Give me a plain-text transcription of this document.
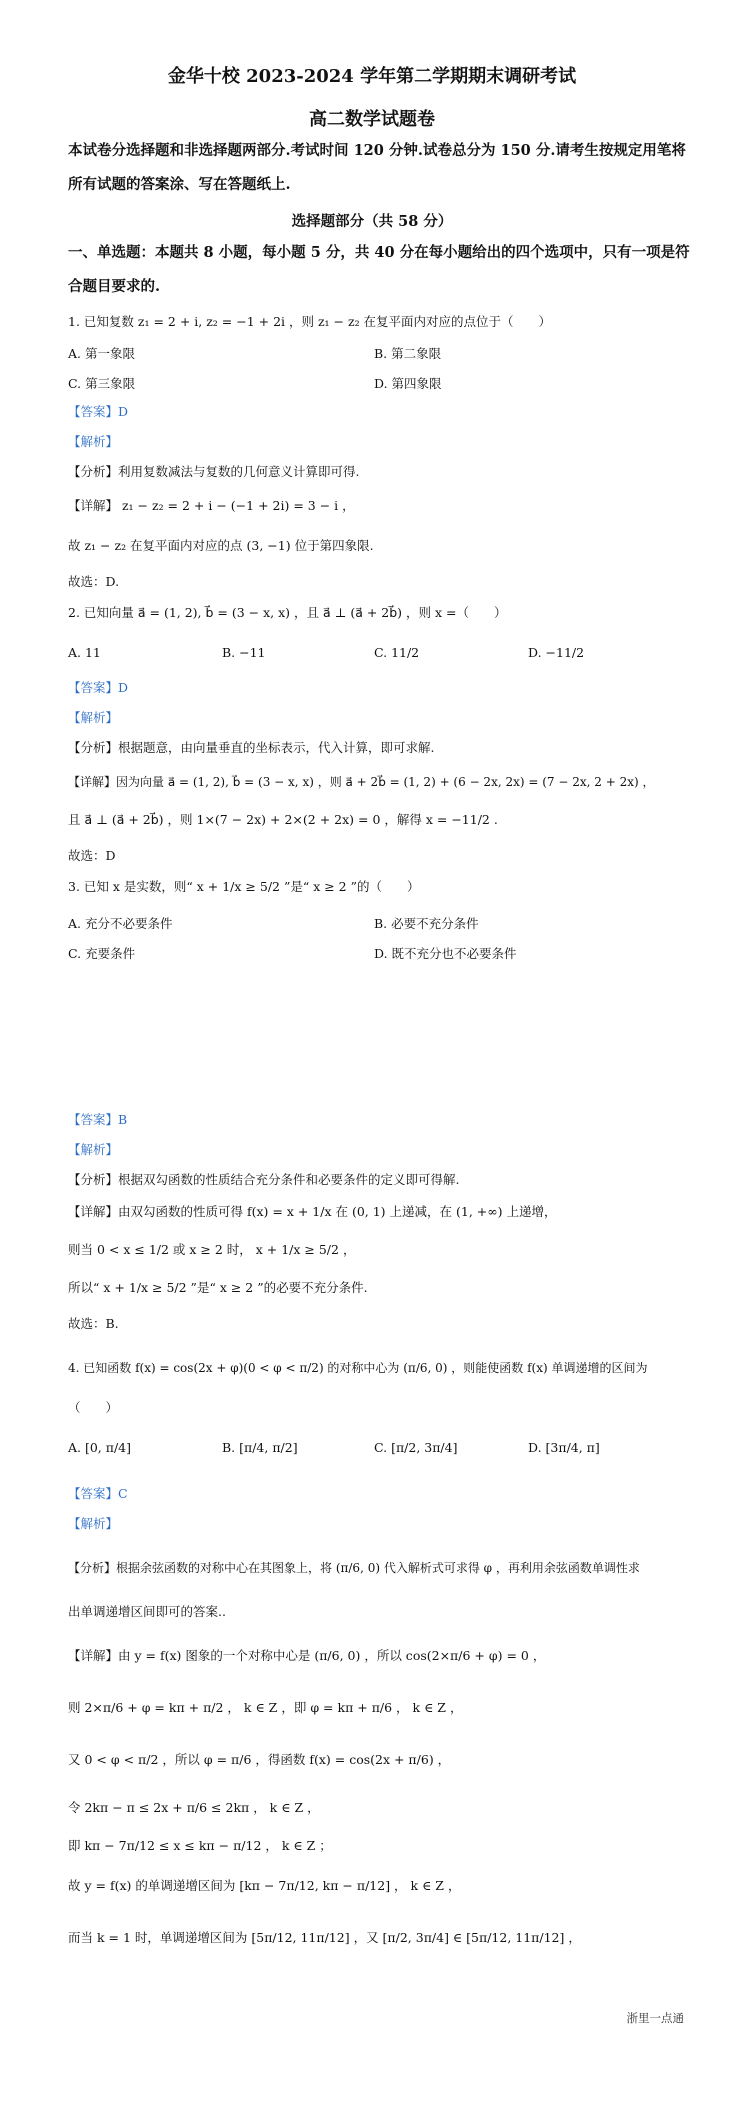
金华十校 2023-2024 学年第二学期期末调研考试
高二数学试题卷
本试卷分选择题和非选择题两部分.考试时间 120 分钟.试卷总分为 150 分.请考生按规定用笔将
所有试题的答案涂、写在答题纸上.
选择题部分（共 58 分）
一、单选题：本题共 8 小题，每小题 5 分，共 40 分在每小题给出的四个选项中，只有一项是符
合题目要求的.
1. 已知复数 z₁ = 2 + i, z₂ = −1 + 2i ，则 z₁ − z₂ 在复平面内对应的点位于（　　）
A. 第一象限	B. 第二象限
C. 第三象限	D. 第四象限
【答案】D
【解析】
【分析】利用复数减法与复数的几何意义计算即可得.
【详解】 z₁ − z₂ = 2 + i − (−1 + 2i) = 3 − i ，
故 z₁ − z₂ 在复平面内对应的点 (3, −1) 位于第四象限.
故选：D.
2. 已知向量 a⃗ = (1, 2), b⃗ = (3 − x, x) ，且 a⃗ ⊥ (a⃗ + 2b⃗) ，则 x =（　　）
A. 11	B. −11	C. 11/2	D. −11/2
【答案】D
【解析】
【分析】根据题意，由向量垂直的坐标表示，代入计算，即可求解.
【详解】因为向量 a⃗ = (1, 2), b⃗ = (3 − x, x) ，则 a⃗ + 2b⃗ = (1, 2) + (6 − 2x, 2x) = (7 − 2x, 2 + 2x) ，
且 a⃗ ⊥ (a⃗ + 2b⃗) ，则 1×(7 − 2x) + 2×(2 + 2x) = 0 ，解得 x = −11/2 .
故选：D
3. 已知 x 是实数，则“ x + 1/x ≥ 5/2 ”是“ x ≥ 2 ”的（　　）
A. 充分不必要条件	B. 必要不充分条件
C. 充要条件	D. 既不充分也不必要条件
【答案】B
【解析】
【分析】根据双勾函数的性质结合充分条件和必要条件的定义即可得解.
【详解】由双勾函数的性质可得 f(x) = x + 1/x 在 (0, 1) 上递减，在 (1, +∞) 上递增，
则当 0 < x ≤ 1/2 或 x ≥ 2 时， x + 1/x ≥ 5/2 ，
所以“ x + 1/x ≥ 5/2 ”是“ x ≥ 2 ”的必要不充分条件.
故选：B.
4. 已知函数 f(x) = cos(2x + φ)(0 < φ < π/2) 的对称中心为 (π/6, 0) ，则能使函数 f(x) 单调递增的区间为
（　　）
A. [0, π/4]	B. [π/4, π/2]	C. [π/2, 3π/4]	D. [3π/4, π]
【答案】C
【解析】
【分析】根据余弦函数的对称中心在其图象上，将 (π/6, 0) 代入解析式可求得 φ ，再利用余弦函数单调性求
出单调递增区间即可的答案..
【详解】由 y = f(x) 图象的一个对称中心是 (π/6, 0) ，所以 cos(2×π/6 + φ) = 0 ，
则 2×π/6 + φ = kπ + π/2 ， k ∈ Z ，即 φ = kπ + π/6 ， k ∈ Z ，
又 0 < φ < π/2 ，所以 φ = π/6 ，得函数 f(x) = cos(2x + π/6) ，
令 2kπ − π ≤ 2x + π/6 ≤ 2kπ ， k ∈ Z ，
即 kπ − 7π/12 ≤ x ≤ kπ − π/12 ， k ∈ Z ；
故 y = f(x) 的单调递增区间为 [kπ − 7π/12, kπ − π/12] ， k ∈ Z ，
而当 k = 1 时，单调递增区间为 [5π/12, 11π/12] ，又 [π/2, 3π/4] ∈ [5π/12, 11π/12] ，
浙里一点通
